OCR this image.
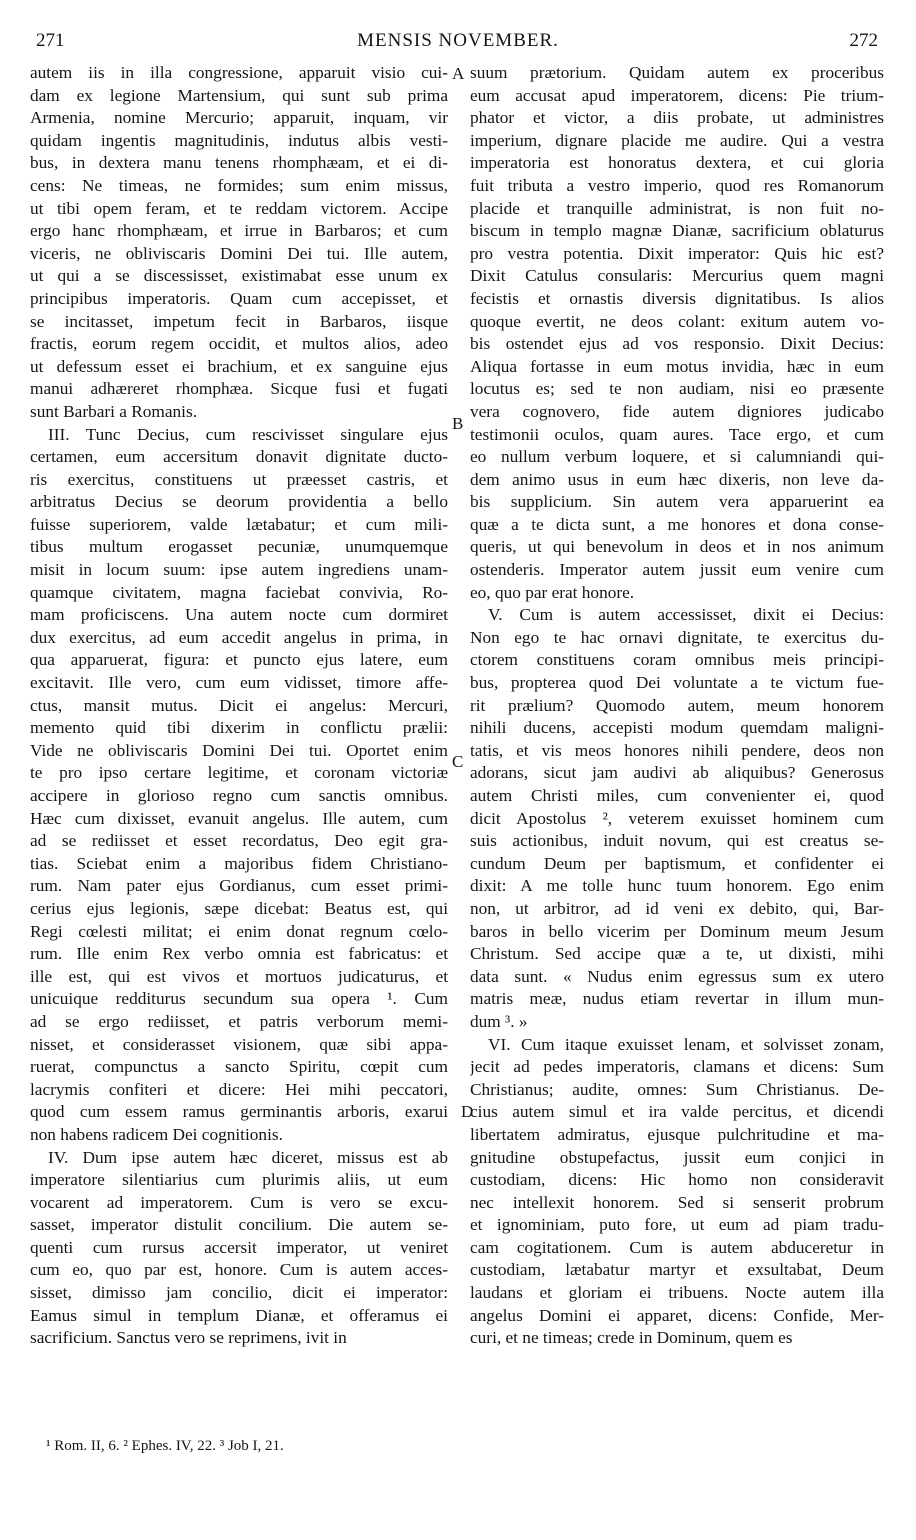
271	MENSIS NOVEMBER.	272
autem iis in illa congressione, apparuit visio cui-
dam ex legione Martensium, qui sunt sub prima
Armenia, nomine Mercurio; apparuit, inquam, vir
quidam ingentis magnitudinis, indutus albis vesti-
bus, in dextera manu tenens rhomphæam, et ei di-
cens: Ne timeas, ne formides; sum enim missus,
ut tibi opem feram, et te reddam victorem. Accipe
ergo hanc rhomphæam, et irrue in Barbaros; et cum
viceris, ne obliviscaris Domini Dei tui. Ille autem,
ut qui a se discessisset, existimabat esse unum ex
principibus imperatoris. Quam cum accepisset, et
se incitasset, impetum fecit in Barbaros, iisque
fractis, eorum regem occidit, et multos alios, adeo
ut defessum esset ei brachium, et ex sanguine ejus
manui adhæreret rhomphæa. Sicque fusi et fugati
sunt Barbari a Romanis.
III. Tunc Decius, cum rescivisset singulare ejus
certamen, eum accersitum donavit dignitate ducto-
ris exercitus, constituens ut præesset castris, et
arbitratus Decius se deorum providentia a bello
fuisse superiorem, valde lætabatur; et cum mili-
tibus multum erogasset pecuniæ, unumquemque
misit in locum suum: ipse autem ingrediens unam-
quamque civitatem, magna faciebat convivia, Ro-
mam proficiscens. Una autem nocte cum dormiret
dux exercitus, ad eum accedit angelus in prima, in
qua apparuerat, figura: et puncto ejus latere, eum
excitavit. Ille vero, cum eum vidisset, timore affe-
ctus, mansit mutus. Dicit ei angelus: Mercuri,
memento quid tibi dixerim in conflictu prælii:
Vide ne obliviscaris Domini Dei tui. Oportet enim
te pro ipso certare legitime, et coronam victoriæ
accipere in glorioso regno cum sanctis omnibus.
Hæc cum dixisset, evanuit angelus. Ille autem, cum
ad se rediisset et esset recordatus, Deo egit gra-
tias. Sciebat enim a majoribus fidem Christiano-
rum. Nam pater ejus Gordianus, cum esset primi-
cerius ejus legionis, sæpe dicebat: Beatus est, qui
Regi cœlesti militat; ei enim donat regnum cœlo-
rum. Ille enim Rex verbo omnia est fabricatus: et
ille est, qui est vivos et mortuos judicaturus, et
unicuique redditurus secundum sua opera ¹. Cum
ad se ergo rediisset, et patris verborum memi-
nisset, et considerasset visionem, quæ sibi appa-
ruerat, compunctus a sancto Spiritu, cœpit cum
lacrymis confiteri et dicere: Hei mihi peccatori,
quod cum essem ramus germinantis arboris, exarui
non habens radicem Dei cognitionis.
IV. Dum ipse autem hæc diceret, missus est ab
imperatore silentiarius cum plurimis aliis, ut eum
vocarent ad imperatorem. Cum is vero se excu-
sasset, imperator distulit concilium. Die autem se-
quenti cum rursus accersit imperator, ut veniret
cum eo, quo par est, honore. Cum is autem acces-
sisset, dimisso jam concilio, dicit ei imperator:
Eamus simul in templum Dianæ, et offeramus ei
sacrificium. Sanctus vero se reprimens, ivit in
suum prætorium. Quidam autem ex proceribus
eum accusat apud imperatorem, dicens: Pie trium-
phator et victor, a diis probate, ut administres
imperium, dignare placide me audire. Qui a vestra
imperatoria est honoratus dextera, et cui gloria
fuit tributa a vestro imperio, quod res Romanorum
placide et tranquille administrat, is non fuit no-
biscum in templo magnæ Dianæ, sacrificium oblaturus
pro vestra potentia. Dixit imperator: Quis hic est?
Dixit Catulus consularis: Mercurius quem magni
fecistis et ornastis diversis dignitatibus. Is alios
quoque evertit, ne deos colant: exitum autem vo-
bis ostendet ejus ad vos responsio. Dixit Decius:
Aliqua fortasse in eum motus invidia, hæc in eum
locutus es; sed te non audiam, nisi eo præsente
vera cognovero, fide autem digniores judicabo
testimonii oculos, quam aures. Tace ergo, et cum
eo nullum verbum loquere, et si calumniandi qui-
dem animo usus in eum hæc dixeris, non leve da-
bis supplicium. Sin autem vera apparuerint ea
quæ a te dicta sunt, a me honores et dona conse-
queris, ut qui benevolum in deos et in nos animum
ostenderis. Imperator autem jussit eum venire cum
eo, quo par erat honore.
V. Cum is autem accessisset, dixit ei Decius:
Non ego te hac ornavi dignitate, te exercitus du-
ctorem constituens coram omnibus meis principi-
bus, propterea quod Dei voluntate a te victum fue-
rit prælium? Quomodo autem, meum honorem
nihili ducens, accepisti modum quemdam maligni-
tatis, et vis meos honores nihili pendere, deos non
adorans, sicut jam audivi ab aliquibus? Generosus
autem Christi miles, cum convenienter ei, quod
dicit Apostolus ², veterem exuisset hominem cum
suis actionibus, induit novum, qui est creatus se-
cundum Deum per baptismum, et confidenter ei
dixit: A me tolle hunc tuum honorem. Ego enim
non, ut arbitror, ad id veni ex debito, qui, Bar-
baros in bello vicerim per Dominum meum Jesum
Christum. Sed accipe quæ a te, ut dixisti, mihi
data sunt. « Nudus enim egressus sum ex utero
matris meæ, nudus etiam revertar in illum mun-
dum ³. »
VI. Cum itaque exuisset lenam, et solvisset zonam,
jecit ad pedes imperatoris, clamans et dicens: Sum
Christianus; audite, omnes: Sum Christianus. De-
cius autem simul et ira valde percitus, et dicendi
libertatem admiratus, ejusque pulchritudine et ma-
gnitudine obstupefactus, jussit eum conjici in
custodiam, dicens: Hic homo non consideravit
nec intellexit honorem. Sed si senserit probrum
et ignominiam, puto fore, ut eum ad piam tradu-
cam cogitationem. Cum is autem abduceretur in
custodiam, lætabatur martyr et exsultabat, Deum
laudans et gloriam ei tribuens. Nocte autem illa
angelus Domini ei apparet, dicens: Confide, Mer-
curi, et ne timeas; crede in Dominum, quem es
A
B
C
D
¹ Rom. II, 6. ² Ephes. IV, 22. ³ Job I, 21.
